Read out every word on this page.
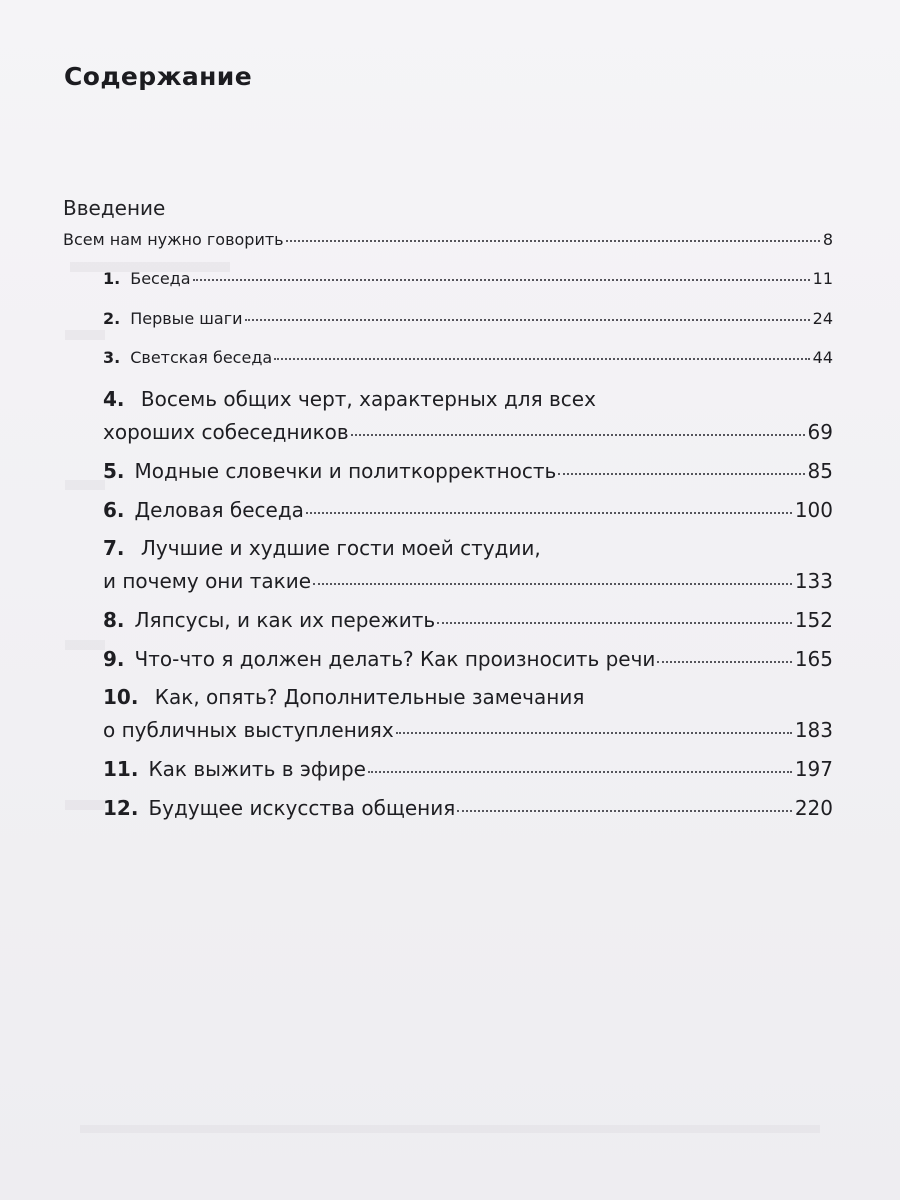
Содержание
Введение
Всем нам нужно говорить	8
1. Беседа	11
2. Первые шаги	24
3. Светская беседа	44
4. Восемь общих черт, характерных для всех
хороших собеседников	69
5. Модные словечки и политкорректность	85
6. Деловая беседа	100
7. Лучшие и худшие гости моей студии,
и почему они такие	133
8. Ляпсусы, и как их пережить	152
9. Что-что я должен делать? Как произносить речи	165
10. Как, опять? Дополнительные замечания
о публичных выступлениях	183
11. Как выжить в эфире	197
12. Будущее искусства общения	220
